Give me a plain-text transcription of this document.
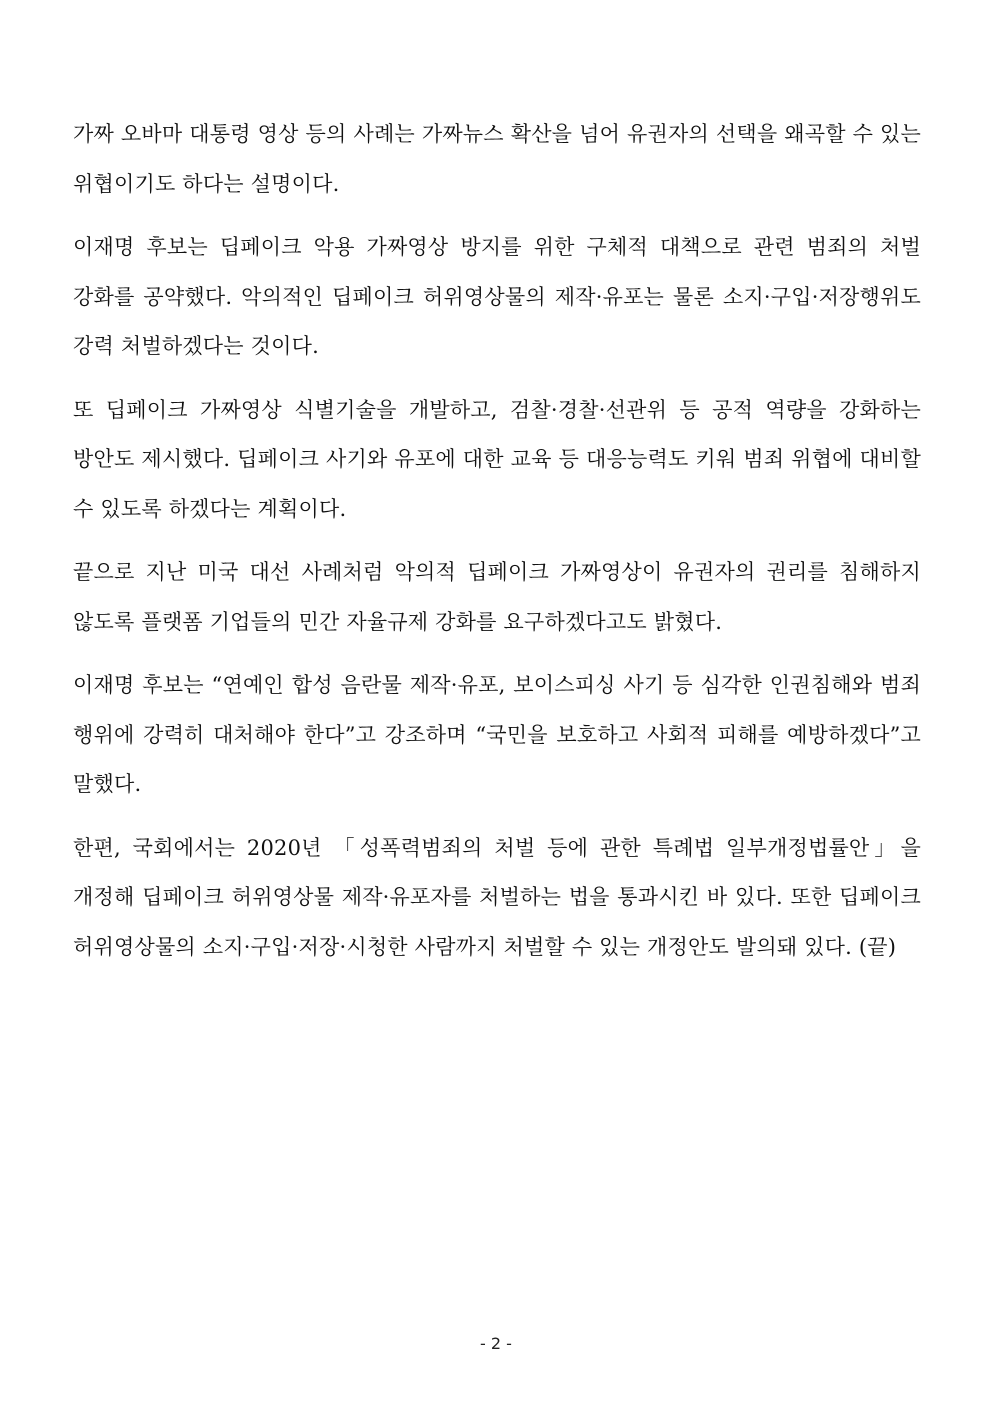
가짜 오바마 대통령 영상 등의 사례는 가짜뉴스 확산을 넘어 유권자의 선택을 왜곡할 수 있는 위협이기도 하다는 설명이다.

이재명 후보는 딥페이크 악용 가짜영상 방지를 위한 구체적 대책으로 관련 범죄의 처벌 강화를 공약했다. 악의적인 딥페이크 허위영상물의 제작·유포는 물론 소지·구입·저장행위도 강력 처벌하겠다는 것이다.

또 딥페이크 가짜영상 식별기술을 개발하고, 검찰·경찰·선관위 등 공적 역량을 강화하는 방안도 제시했다. 딥페이크 사기와 유포에 대한 교육 등 대응능력도 키워 범죄 위협에 대비할 수 있도록 하겠다는 계획이다.

끝으로 지난 미국 대선 사례처럼 악의적 딥페이크 가짜영상이 유권자의 권리를 침해하지 않도록 플랫폼 기업들의 민간 자율규제 강화를 요구하겠다고도 밝혔다.

이재명 후보는 “연예인 합성 음란물 제작·유포, 보이스피싱 사기 등 심각한 인권침해와 범죄 행위에 강력히 대처해야 한다”고 강조하며 “국민을 보호하고 사회적 피해를 예방하겠다”고 말했다.

한편, 국회에서는 2020년 「성폭력범죄의 처벌 등에 관한 특례법 일부개정법률안」을 개정해 딥페이크 허위영상물 제작·유포자를 처벌하는 법을 통과시킨 바 있다. 또한 딥페이크 허위영상물의 소지·구입·저장·시청한 사람까지 처벌할 수 있는 개정안도 발의돼 있다. (끝)

- 2 -
